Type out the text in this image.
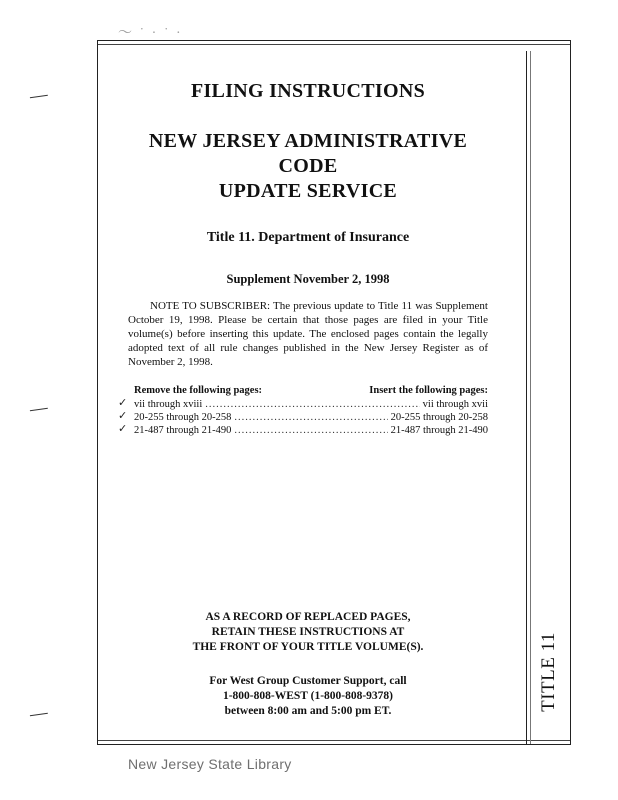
〜 ˙ · ˙ ·
TITLE 11
FILING INSTRUCTIONS
NEW JERSEY ADMINISTRATIVE CODE
UPDATE SERVICE
Title 11. Department of Insurance
Supplement November 2, 1998

NOTE TO SUBSCRIBER: The previous update to Title 11 was Supplement October 19, 1998. Please be certain that those pages are filed in your Title volume(s) before inserting this update. The enclosed pages contain the legally adopted text of all rule changes published in the New Jersey Register as of November 2, 1998.

Remove the following pages:	Insert the following pages:
✓ vii through xviii .....	vii through xvii
✓ 20-255 through 20-258 .....	20-255 through 20-258
✓ 21-487 through 21-490 .....	21-487 through 21-490

AS A RECORD OF REPLACED PAGES,

RETAIN THESE INSTRUCTIONS AT

THE FRONT OF YOUR TITLE VOLUME(S).

For West Group Customer Support, call

1-800-808-WEST (1-800-808-9378)

between 8:00 am and 5:00 pm ET.

New Jersey State Library
